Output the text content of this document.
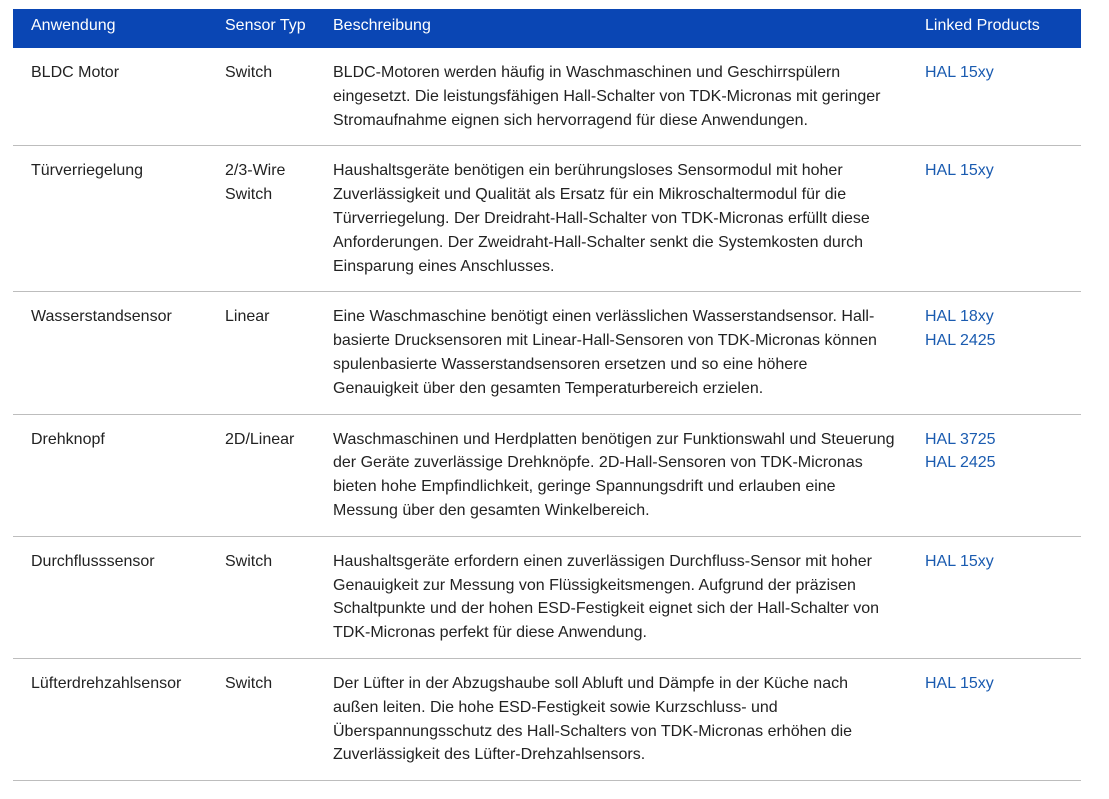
Anwendung	Sensor Typ	Beschreibung	Linked Products
BLDC Motor	Switch	BLDC-Motoren werden häufig in Waschmaschinen und Geschirrspülern eingesetzt. Die leistungsfähigen Hall-Schalter von TDK-Micronas mit geringer Stromaufnahme eignen sich hervorragend für diese Anwendungen.	HAL 15xy

Türverriegelung	2/3-Wire Switch	Haushaltsgeräte benötigen ein berührungsloses Sensormodul mit hoher Zuverlässigkeit und Qualität als Ersatz für ein Mikroschaltermodul für die Türverriegelung. Der Dreidraht-Hall-Schalter von TDK-Micronas erfüllt diese Anforderungen. Der Zweidraht-Hall-Schalter senkt die Systemkosten durch Einsparung eines Anschlusses.	HAL 15xy

Wasserstandsensor	Linear	Eine Waschmaschine benötigt einen verlässlichen Wasserstandsensor. Hall-basierte Drucksensoren mit Linear-Hall-Sensoren von TDK-Micronas können spulenbasierte Wasserstandsensoren ersetzen und so eine höhere Genauigkeit über den gesamten Temperaturbereich erzielen.	HAL 18xy
HAL 2425

Drehknopf	2D/Linear	Waschmaschinen und Herdplatten benötigen zur Funktionswahl und Steuerung der Geräte zuverlässige Drehknöpfe. 2D-Hall-Sensoren von TDK-Micronas bieten hohe Empfindlichkeit, geringe Spannungsdrift und erlauben eine Messung über den gesamten Winkelbereich.	HAL 3725
HAL 2425

Durchflusssensor	Switch	Haushaltsgeräte erfordern einen zuverlässigen Durchfluss-Sensor mit hoher Genauigkeit zur Messung von Flüssigkeitsmengen. Aufgrund der präzisen Schaltpunkte und der hohen ESD-Festigkeit eignet sich der Hall-Schalter von TDK-Micronas perfekt für diese Anwendung.	HAL 15xy

Lüfterdrehzahlsensor	Switch	Der Lüfter in der Abzugshaube soll Abluft und Dämpfe in der Küche nach außen leiten. Die hohe ESD-Festigkeit sowie Kurzschluss- und Überspannungsschutz des Hall-Schalters von TDK-Micronas erhöhen die Zuverlässigkeit des Lüfter-Drehzahlsensors.	HAL 15xy
